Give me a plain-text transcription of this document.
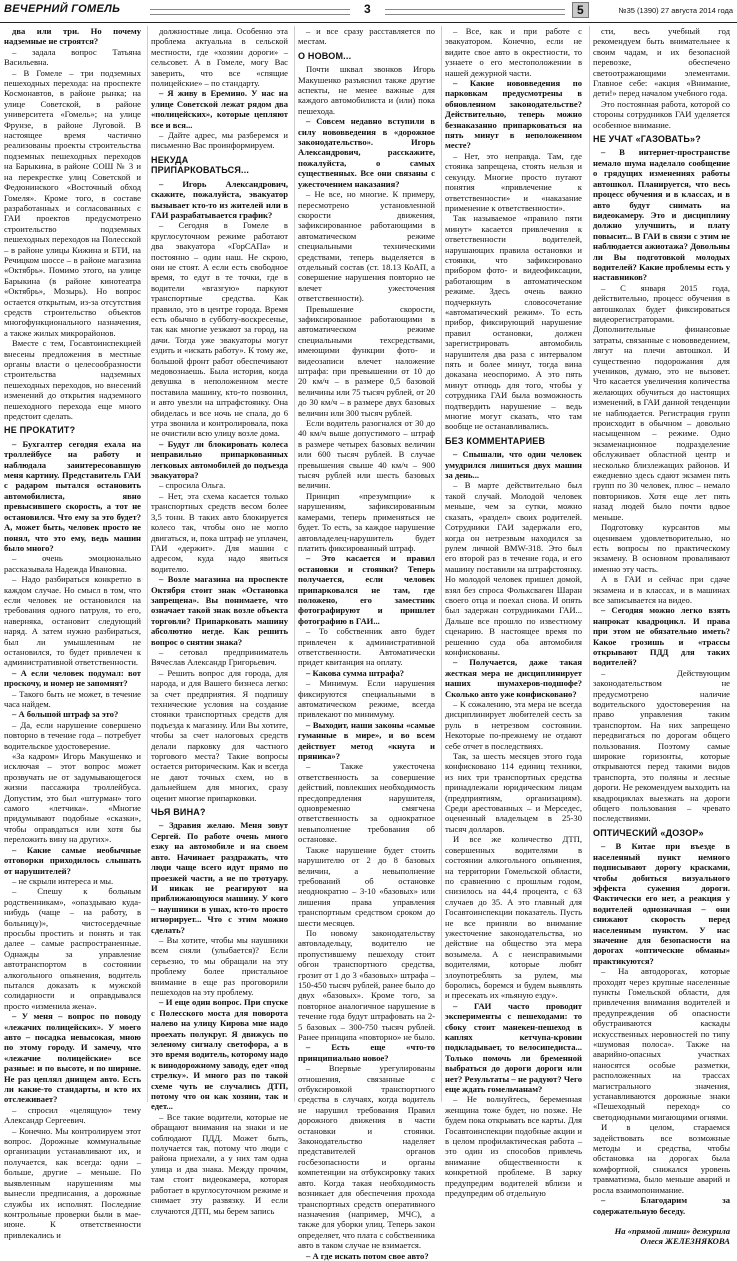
ВЕЧЕРНИЙ ГОМЕЛЬ	3	5	№35 (1390) 27 августа 2014 года

два или три. Но почему надземные не строятся?

– задала вопрос Татьяна Васильевна.

– В Гомеле – три подземных пешеходных перехода: на проспекте Космонавтов, в районе рынка; на улице Советской, в районе университета «Гомель»; на улице Фрунзе, в районе Луговой. В настоящее время частично реализованы проекты строительства подземных пешеходных переходов на Барыкина, в районе СОШ № 3 и на перекрестке улиц Советской и Федюнинского «Восточный обход Гомеля». Кроме того, в составе разработанных и согласованных с ГАИ проектов предусмотрено строительство подземных пешеходных переходов на Полесской – в районе улицы Кижина и БТИ, на Речицком шоссе – в районе магазина «Октябрь». Помимо этого, на улице Барыкина (в районе кинотеатра «Октябрь», Мозырь). Но вопрос остается открытым, из-за отсутствия средств строительство объектов многофункционального назначения, а также жилых микрорайонов.

Вместе с тем, Госавтоинспекцией внесены предложения в местные органы власти о целесообразности строительства надземных пешеходных переходов, но внесений изменений до открытия надземного пешеходного перехода еще много предстоит сделать.

НЕ ПРОКАТИТ?

– Бухгалтер сегодня ехала на троллейбусе на работу и наблюдала заинтересовавшую меня картину. Представитель ГАИ с радаром пытался остановить автомобилиста, явно превысившего скорость, а тот не остановился. Что ему за это будет? А, может быть, человек просто не понял, что это ему, ведь машин было много?

– очень эмоционально рассказывала Надежда Ивановна.

– Надо разбираться конкретно в каждом случае. Но смысл в том, что если человек не остановился на требования одного патруля, то его, наверняка, остановит следующий наряд. А затем нужно разбираться, был ли умышленным не остановился, то будет привлечен к административной ответственности.

– А если человек подумал: вот проскочу, и номер не запомнят?

– Такого быть не может, в течение часа найдем.

– А большой штраф за это?

– Да, если нарушение совершено повторно в течение года – потребует водительское удостоверение.

«За кадром» Игорь Макушенко и исключая – этот вопрос может прозвучать не от задумывающегося жизни пассажира троллейбуса. Допустим, это был «штурман» того самого «летчика». «Многие придумывают подобные «сказки», чтобы оправдаться или хотя бы переложить вину на других».

– Какие самые необычные отговорки приходилось слышать от нарушителей?

– не скрыли интереса и мы.

– Спешу к больным родственникам», «опаздываю куда-нибудь (чаще – на работу, в больницу)», чистосердечные просьбы простить и понять и так далее – самые распространенные. Однажды за управление автотранспортом в состоянии алкогольного опьянения, водитель пытался доказать к мужской солидарности и оправдывался просто «изменила жена».

– У меня – вопрос по поводу «лежачих полицейских». У моего авто – посадка невысокая, мною по этому городу. И замечу, что «лежачие полицейские» все разные: и по высоте, и по ширине. Не раз цеплял днищем авто. Есть ли какие-то стандарты, и кто их отслеживает?

– спросил «целящую» тему Александр Сергеевич.

– Конечно. Мы контролируем этот вопрос. Дорожные коммунальные организации устанавливают их, и получается, как всегда: одни – больше, другие – меньше. По выявленным нарушениям мы вынесли предписания, а дорожные службы их исполнят. Последние контрольные проверки были в мае-июне. К ответственности привлекались и

должностные лица. Особенно эта проблема актуальна в сельской местности, где «хозяин дороги» – сельсовет. А в Гомеле, могу Вас заверить, что все «спящие полицейские» – по стандарту.

– Я живу в Еремино. У нас на улице Советской лежат рядом два «полицейских», которые цепляют все и вся...

– Дайте адрес, мы разберемся и письменно Вас проинформируем.

НЕКУДА ПРИПАРКОВАТЬСЯ...

– Игорь Александрович, скажите, пожалуйста, эвакуатор вызывает кто-то из жителей или в ГАИ разрабатывается график?

– Сегодня в Гомеле в круглосуточном режиме работают два эвакуатора «ГорСАПа» и постоянно – один наш. Не скрою, они не стоят. А если есть свободное время, то едут в те точки, где в водители «вгазгую» паркуют транспортные средства. Как правило, это в центре города. Время есть обычно в субботу-воскресенье, так как многие уезжают за город, на дачи. Тогда уже эвакуаторы могут ездить и «искать работу». К тому же, большой фронт работ обеспечивают медовознаешь. Была история, когда девушка в неположенном месте поставила машину, кто-то позвонил, и авто увезли на штрафстоянку. Она обиделась и все ночь не спала, до 6 утра звонила и контролировала, пока не очистили всю улицу возле дома.

– Будут ли блокировать колеса неправильно припаркованных легковых автомобилей до подъезда эвакуатора?

– спросила Ольга.

– Нет, эта схема касается только транспортных средств весом более 3,5 тонн. В таких авто блокируется колесо так, чтобы оно не могло двигаться, и, пока штраф не уплачен, ГАИ «держит». Для машин с адресом, куда надо явиться водителю.

– Возле магазина на проспекте Октября стоит знак «Остановка запрещена». Вы понимаете, что означает такой знак возле объекта торговли? Припарковать машину абсолютно негде. Как решить вопрос о снятии знака?

– сетовал предприниматель Вячеслав Александр Григорьевич.

– Решить вопрос для города, для народа, и для Вашего бизнеса легко: за счет предприятия. Я подпишу технические условия на создание стоянки транспортных средств для подъезда к магазину. Или Вы хотите, чтобы за счет налоговых средств делали парковку для частного торгового места? Такие вопросы остается риторическим. Как и всегда не дают точных схем, но в дальнейшем для многих, сразу оценит многие припарковки.

ЧЬЯ ВИНА?

– Здравия желаю. Меня зовут Сергей. По работе очень много езжу на автомобиле и на своем авто. Начинает раздражать, что люди чаще всего идут прямо по проезжей части, а не по тротуару. И никак не реагируют на приближающуюся машину. У кого – наушники в ушах, кто-то просто игнорирует... Что с этим можно сделать?

– Вы хотите, чтобы мы наушники всем сняли (улыбается)? Если серьезно, то мы обращали на эту проблему более пристальное внимание в еще раз проговорили пешеходов на эту проблему.

– И еще один вопрос. При спуске с Полесского моста для поворота налево на улицу Кирова мне надо проехать полукруг. Я движусь по зеленому сигналу светофора, а в это время водитель, которому надо к винодорожному заводу, едет «под стрелку». И много раз по такой схеме чуть не случались ДТП, потому что он как хозяин, так и едет...

– Все такие водители, которые не обращают внимания на знаки и не соблюдают ПДД. Может быть, получается так, потому что люди с района приехали, а у них там одна улица и два знака. Между прочим, там стоит видеокамера, которая работает в круглосуточном режиме и снимает эту развязку. И если случаются ДТП, мы берем запись

– и все сразу расставляется по местам.

О НОВОМ...

Почти шквал звонков Игорь Макушенко разъяснил также другие аспекты, не менее важные для каждого автомобилиста и (или) пока пешехода.

– Совсем недавно вступили в силу нововведения в «дорожное законодательство». Игорь Александрович, расскажите, пожалуйста, о самых существенных. Все они связаны с ужесточением наказания?

– Не все, но многие. К примеру, пересмотрено установленной скорости движения, зафиксированное работающими в автоматическом режиме специальными техническими средствами, теперь выделяется в отдельный состав (ст. 18.13 КоАП, а совершение нарушения повторно не влечет ужесточения ответственности).

Превышение скорости, зафиксированное работающими в автоматическом режиме специальными техсредствами, имеющими функции фото- и видеозаписи влечет наложение штрафа: при превышении от 10 до 20 км/ч – в размере 0,5 базовой величины или 75 тысяч рублей, от 20 до 30 км/ч – в размере двух базовых величин или 300 тысяч рублей.

Если водитель разогнался от 30 до 40 км/ч выше допустимого – штраф в размере четырех базовых величин или 600 тысяч рублей. В случае превышения свыше 40 км/ч – 900 тысяч рублей или шесть базовых величин.

Принцип «презумпции» к нарушениям, зафиксированным камерами, теперь применяться не будет. То есть, за каждое нарушение автовладелец-нарушитель будет платить фиксированный штраф.

– Это касается и правил остановки и стоянки? Теперь получается, если человек припарковался не там, где положено, его заместник фотографируют и пришлет фотографию в ГАИ...

– То собственник авто будет привлечен к административной ответственности. Автоматически придет квитанция на оплату.

– Какова сумма штрафа?

– Минимум. Если нарушения фиксируются специальными в автоматическом режиме, всегда привлекают по минимуму.

– Выходит, наши законы «самые гуманные в мире», и во всем действует метод «кнута и пряника»?

– Также ужесточена ответственность за совершение действий, повлекших необходимость пресдопредления нарушителя, одновременно смягчена ответственность за однократное невыполнение требования об остановке.

Также нарушение будет стоить нарушителю от 2 до 8 базовых величин, а невыполнение требований об остановке неоднократно – 3-10 «базовых» или лишения права управления транспортным средством сроком до шести месяцев.

По новому законодательству автовладельцу, водителю не пропустившему пешеходу стоит обгон транспортного средства, грозит от 1 до 3 «базовых» штрафа – 150-450 тысяч рублей, ранее было до двух «базовых». Кроме того, за повторное аналогичное нарушение в течение года будут штрафовать на 2-5 базовых – 300-750 тысяч рублей. Ранее принципа «повторно» не было.

– Есть еще «что-то принципиально новое?

– Впервые урегулированы отношения, связанные с отбуксировкой транспортного средства в случаях, когда водитель не нарушил требования Правил дорожного движения в части остановки и стоянки. Законодательство наделяет представителей органов госбезопасности и органы компетенции на отбуксировку таких авто. Когда такая необходимость возникает для обеспечения прохода транспортных средств оперативного назначения (например, МЧС), а также для уборки улиц. Теперь закон определяет, что плата с собственника авто в таком случае не взимается.

– А где искать потом свое авто?

– Все, как и при работе с эвакуатором. Конечно, если не видите свое авто в окрестности, то узнаете о его местоположении в нашей дежурной части.

– Какие нововведения по парковкам предусмотрены в обновленном законодательстве? Действительно, теперь можно безнаказанно припарковаться на пять минут в неположенном месте?

– Нет, это неправда. Там, где стоянка запрещена, стоять нельзя и секунду. Многие просто путают понятия «привлечение к ответственности» и «наказание применение к ответственности».

Так называемое «правило пяти минут» касается привлечения к ответственности водителей, нарушающих правила остановки и стоянки, что зафиксировано прибором фото- и видеофиксации, работающим в автоматическом режиме. Здесь очень важно подчеркнуть словосочетание «автоматический режим». То есть прибор, фиксирующий нарушение правил остановки, должен зарегистрировать автомобиль нарушителя два раза с интервалом пять и более минут, тогда вина доказана неоспоримо. А это пять минут отнюдь для того, чтобы у сотрудника ГАИ была возможность подтвердить нарушение – ведь многие могут сказать, что там вообще не останавливались.

БЕЗ КОММЕНТАРИЕВ

– Спышали, что один человек умудрился лишиться двух машин за день...

– В марте действительно был такой случай. Молодой человек меньше, чем за сутки, можно сказать, «раздел» своих родителей. Сотрудники ГАИ задержали его, когда он нетрезвым находился за рулем личной BMW-318. Это был его второй раз в течение года, и его машину поставили на штрафстоянку. Но молодой человек пришел домой, взял без спроса Фольксваген Шаран своего отца и поехал снова. И опять был задержан сотрудниками ГАИ... Дальше все прошло по известному сценарию. В настоящее время по решению суда оба автомобиля конфискованы.

– Получается, даже такая жесткая мера не дисциплинирует наших шумахеров-подшофе? Сколько авто уже конфисковано?

– К сожалению, эта мера не всегда дисциплинирует любителей сесть за руль в нетрезвом состоянии. Некоторые по-прежнему не отдают себе отчет в последствиях.

Так, за шесть месяцев этого года конфисковано 114 единиц техники, из них три транспортных средства принадлежали юридическим лицам (предприятиям, организациям). Среди арестованных – и Мерседес, оцененный владельцем в 25-30 тысяч долларов.

И все же количество ДТП, совершенных водителями в состоянии алкогольного опьянения, на территории Гомельской области, по сравнению с прошлым годом, снизилось на 44,4 процента, с 63 случаев до 35. А это главный для Госавтоинспекции показатель. Пусть не все приняли во внимание ужесточение законодательства, но действие на общество эта мера возымела. А с неисправимыми водителями, которые любят злоупотреблять за рулем, мы боролись, боремся и будем выявлять и пресекать их «пьяную езду».

– ГАИ часто проводит эксперименты с пешеходами: то сбоку стоит манекен-пешеход в каплях кетчупа-кровии подкладывает, то велосипедиста... Только помочь ли бременной выбраться до дороги дороги или нет? Результаты – не радуют? Чего еще ждать гомельчанам?

– Не волнуйтесь, беременная женщина тоже будет, но позже. Не будем пока открывать все карты. Для Госавтоинспекции подобные акции и в целом профилактическая работа – это один из способов привлечь внимание общественности к конкретной проблеме. В зарку предупредим водителей вблизи и предупредим об отдельную

сти, весь учебный год рекомендуем быть внимательнее к своим чадам, и их безопасной перевозке, обеспечено светоотражающими элементами. Главное себе: «акция «Внимание, дети!» перед началом учебного года.

Это постоянная работа, которой со стороны сотрудников ГАИ уделяется особенное внимание.

НЕ УЧАТ «ГАЗОВАТЬ»?

– В интернет-пространстве немало шума наделало сообщение о грядущих изменениях работы автошкол. Планируется, что весь процесс обучения и в классах, и в авто будут снимать на видеокамеру. Это и дисциплину должно улучшить, и плату повысит... В ГАИ в связи с этим не наблюдается ажиотажа? Довольны ли Вы подготовкой молодых водителей? Какие проблемы есть у наставников?

– С января 2015 года, действительно, процесс обучения в автошколах будет фиксироваться видеорегистраторами. Дополнительные финансовые затраты, связанные с нововведением, лягут на плечи автошкол. И существенно подорожания для учеников, думаю, это не вызовет. Что касается увеличения количества желающих обучиться до настоящих изменений, в ГАИ данной тенденции не наблюдается. Регистрация групп происходит в обычном – довольно насыщенном – режиме. Одно экзаменационное подразделение обслуживает областной центр и несколько близлежащих районов. И ежедневно здесь сдают экзамен пять групп по 30 человек, плюс – немало повторников. Хотя еще лет пять назад людей было почти вдвое меньше.

Подготовку курсантов мы оцениваем удовлетворительно, но есть вопросы по практическому экзамену. В основном проваливают именно эту часть.

А в ГАИ и сейчас при сдаче экзамена и в классах, и в машинах все записывается на видео.

– Сегодня можно легко взять напрокат квадроцикл. И права при этом не обязательно иметь? Какое грозишь и «трассы открывают ПДД для таких водителей?

– Действующим законодательством не предусмотрено наличие водительского удостоверения на право управления таким транспортом. На них запрещено передвигаться по дорогам общего пользования. Поэтому самые широкие горизонты, которые открываются перед такими видов транспорта, это поляны и лесные дороги. Не рекомендуем выходить на квадроциклах выезжать на дороги общего пользования – чревато последствиями.

ОПТИЧЕСКИЙ «ДОЗОР»

– В Китае при въезде в населенный пункт немного подписывают дорогу красками, чтобы добиться визуального эффекта сужения дороги. Фактически его нет, а реакция у водителей однозначная – они снижают скорость перед населенным пунктом. У нас значение для безопасности на дорогах «оптические обманы» практикуются?

– На автодорогах, которые проходят через крупные населенные пункты Гомельской области, для привлечения внимания водителей и предупреждения об опасности обустраиваются каскады искусственных неровностей по типу «шумовая полоса». Также на аварийно-опасных участках наносятся особые разметки, расположенных на трассах магистрального значения, устанавливаются дорожные знаки «Пешеходный переход» со светодиодными мигающими огнями.

И в целом, стараемся задействовать все возможные методы и средства, чтобы обстановка на дорогах была комфортной, снижался уровень травматизма, было меньше аварий и росла взаимопонимание.

– Благодарим за содержательную беседу.

На «прямой линии» дежурила Олеся ЖЕЛЕЗНЯКОВА
